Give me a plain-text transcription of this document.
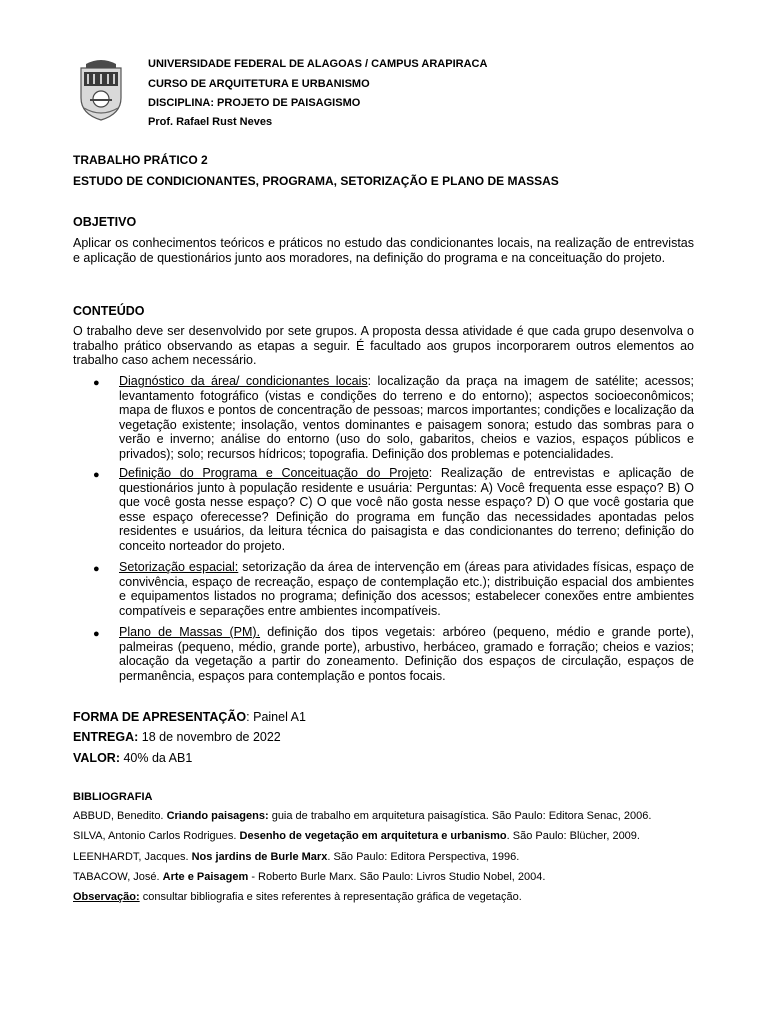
UNIVERSIDADE FEDERAL DE ALAGOAS / CAMPUS ARAPIRACA
CURSO DE ARQUITETURA E URBANISMO
DISCIPLINA: PROJETO DE PAISAGISMO
Prof. Rafael Rust Neves
TRABALHO PRÁTICO 2
ESTUDO DE CONDICIONANTES, PROGRAMA, SETORIZAÇÃO E PLANO DE MASSAS
OBJETIVO
Aplicar os conhecimentos teóricos e práticos no estudo das condicionantes locais, na realização de entrevistas e aplicação de questionários junto aos moradores, na definição do programa e na conceituação do projeto.
CONTEÚDO
O trabalho deve ser desenvolvido por sete grupos. A proposta dessa atividade é que cada grupo desenvolva o trabalho prático observando as etapas a seguir. É facultado aos grupos incorporarem outros elementos ao trabalho caso achem necessário.
● Diagnóstico da área/ condicionantes locais: localização da praça na imagem de satélite; acessos; levantamento fotográfico (vistas e condições do terreno e do entorno); aspectos socioeconômicos; mapa de fluxos e pontos de concentração de pessoas; marcos importantes; condições e localização da vegetação existente; insolação, ventos dominantes e paisagem sonora; estudo das sombras para o verão e inverno; análise do entorno (uso do solo, gabaritos, cheios e vazios, espaços públicos e privados); solo; recursos hídricos; topografia. Definição dos problemas e potencialidades.
● Definição do Programa e Conceituação do Projeto: Realização de entrevistas e aplicação de questionários junto à população residente e usuária: Perguntas: A) Você frequenta esse espaço? B) O que você gosta nesse espaço? C) O que você não gosta nesse espaço? D) O que você gostaria que esse espaço oferecesse? Definição do programa em função das necessidades apontadas pelos residentes e usuários, da leitura técnica do paisagista e das condicionantes do terreno; definição do conceito norteador do projeto.
● Setorização espacial: setorização da área de intervenção em (áreas para atividades físicas, espaço de convivência, espaço de recreação, espaço de contemplação etc.); distribuição espacial dos ambientes e equipamentos listados no programa; definição dos acessos; estabelecer conexões entre ambientes compatíveis e separações entre ambientes incompatíveis.
● Plano de Massas (PM). definição dos tipos vegetais: arbóreo (pequeno, médio e grande porte), palmeiras (pequeno, médio, grande porte), arbustivo, herbáceo, gramado e forração; cheios e vazios; alocação da vegetação a partir do zoneamento. Definição dos espaços de circulação, espaços de permanência, espaços para contemplação e pontos focais.
FORMA DE APRESENTAÇÃO: Painel A1
ENTREGA: 18 de novembro de 2022
VALOR: 40% da AB1
BIBLIOGRAFIA
ABBUD, Benedito. Criando paisagens: guia de trabalho em arquitetura paisagística. São Paulo: Editora Senac, 2006.
SILVA, Antonio Carlos Rodrigues. Desenho de vegetação em arquitetura e urbanismo. São Paulo: Blücher, 2009.
LEENHARDT, Jacques. Nos jardins de Burle Marx. São Paulo: Editora Perspectiva, 1996.
TABACOW, José. Arte e Paisagem - Roberto Burle Marx. São Paulo: Livros Studio Nobel, 2004.
Observação: consultar bibliografia e sites referentes à representação gráfica de vegetação.
